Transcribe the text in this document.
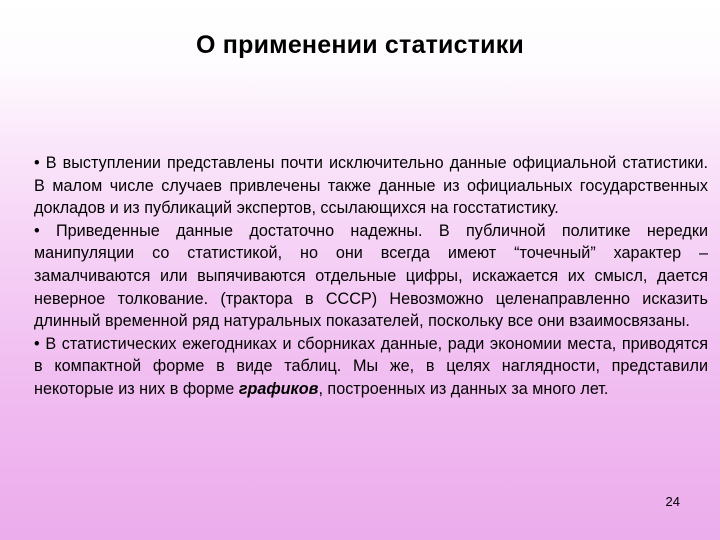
О применении статистики

• В выступлении представлены почти исключительно данные официальной статистики. В малом числе случаев привлечены также данные из официальных государственных докладов и из публикаций экспертов, ссылающихся на госстатистику.

• Приведенные данные достаточно надежны. В публичной политике нередки манипуляции со статистикой, но они всегда имеют “точечный” характер – замалчиваются или выпячиваются отдельные цифры, искажается их смысл, дается неверное толкование. (трактора в СССР) Невозможно целенаправленно исказить длинный временной ряд натуральных показателей, поскольку все они взаимосвязаны.

• В статистических ежегодниках и сборниках данные, ради экономии места, приводятся в компактной форме в виде таблиц. Мы же, в целях наглядности, представили некоторые из них в форме графиков, построенных из данных за много лет.

24
